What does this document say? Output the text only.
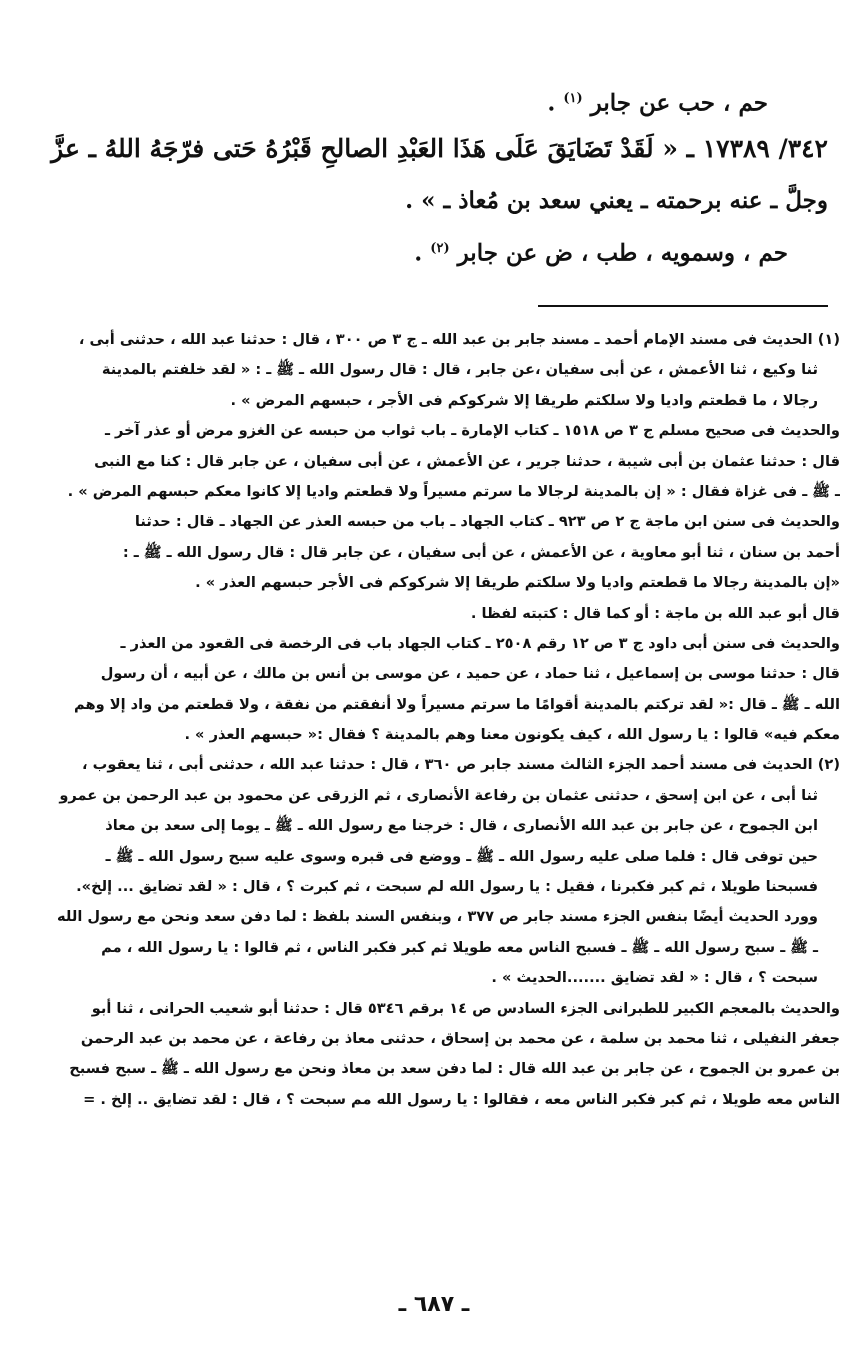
حم ، حب عن جابر $^{(١)}$ .

٣٤٢/ ١٧٣٨٩ ـ « لَقَدْ تَضَايَقَ عَلَى هَذَا العَبْدِ الصالحِ قَبْرُهُ حَتى فرّجَهُ اللهُ ـ عزَّ

وجلَّ ـ عنه برحمته ـ يعني سعد بن مُعاذ ـ » .

حم ، وسمويه ، طب ، ض عن جابر $^{(٢)}$ .

(١) الحديث فى مسند الإمام أحمد ـ مسند جابر بن عبد الله ـ ج ٣ ص ٣٠٠ ، قال : حدثنا عبد الله ، حدثنى أبى ،

ثنا وكيع ، ثنا الأعمش ، عن أبى سفيان ،عن جابر ، قال : قال رسول الله ـ ﷺ ـ : « لقد خلفتم بالمدينة

رجالا ، ما قطعتم واديا ولا سلكتم طريقا إلا شركوكم فى الأجر ، حبسهم المرض » .

والحديث فى صحيح مسلم ج ٣ ص ١٥١٨ ـ كتاب الإمارة ـ باب ثواب من حبسه عن الغزو مرض أو عذر آخر ـ

قال : حدثنا عثمان بن أبى شيبة ، حدثنا جرير ، عن الأعمش ، عن أبى سفيان ، عن جابر قال : كنا مع النبى

ـ ﷺ ـ فى غزاة فقال : « إن بالمدينة لرجالا ما سرتم مسيراً ولا قطعتم واديا إلا كانوا معكم حبسهم المرض » .

والحديث فى سنن ابن ماجة ج ٢ ص ٩٢٣ ـ كتاب الجهاد ـ باب من حبسه العذر عن الجهاد ـ قال : حدثنا

أحمد بن سنان ، ثنا أبو معاوية ، عن الأعمش ، عن أبى سفيان ، عن جابر قال : قال رسول الله ـ ﷺ ـ :

«إن بالمدينة رجالا ما قطعتم واديا ولا سلكتم طريقا إلا شركوكم فى الأجر حبسهم العذر » .

قال أبو عبد الله بن ماجة : أو كما قال : كتبته لفظا .

والحديث فى سنن أبى داود ج ٣ ص ١٢ رقم ٢٥٠٨ ـ كتاب الجهاد باب فى الرخصة فى القعود من العذر ـ

قال : حدثنا موسى بن إسماعيل ، ثنا حماد ، عن حميد ، عن موسى بن أنس بن مالك ، عن أبيه ، أن رسول

الله ـ ﷺ ـ قال :« لقد تركتم بالمدينة أقوامًا ما سرتم مسيراً ولا أنفقتم من نفقة ، ولا قطعتم من واد إلا وهم

معكم فيه» قالوا : يا رسول الله ، كيف يكونون معنا وهم بالمدينة ؟ فقال :« حبسهم العذر » .

(٢) الحديث فى مسند أحمد الجزء الثالث مسند جابر ص ٣٦٠ ، قال : حدثنا عبد الله ، حدثنى أبى ، ثنا يعقوب ،

ثنا أبى ، عن ابن إسحق ، حدثنى عثمان بن رفاعة الأنصارى ، ثم الزرقى عن محمود بن عبد الرحمن بن عمرو

ابن الجموح ، عن جابر بن عبد الله الأنصارى ، قال : خرجنا مع رسول الله ـ ﷺ ـ يوما إلى سعد بن معاذ

حين توفى قال : فلما صلى عليه رسول الله ـ ﷺ ـ ووضع فى قبره وسوى عليه سبح رسول الله ـ ﷺ ـ

فسبحنا طويلا ، ثم كبر فكبرنا ، فقيل : يا رسول الله لم سبحت ، ثم كبرت ؟ ، قال : « لقد تضايق ... إلخ».

وورد الحديث أيضًا بنفس الجزء مسند جابر ص ٣٧٧ ، وبنفس السند بلفظ : لما دفن سعد ونحن مع رسول الله

ـ ﷺ ـ سبح رسول الله ـ ﷺ ـ فسبح الناس معه طويلا ثم كبر فكبر الناس ، ثم قالوا : يا رسول الله ، مم

سبحت ؟ ، قال : « لقد تضايق .......الحديث » .

والحديث بالمعجم الكبير للطبرانى الجزء السادس ص ١٤ برقم ٥٣٤٦ قال : حدثنا أبو شعيب الحرانى ، ثنا أبو

جعفر النفيلى ، ثنا محمد بن سلمة ، عن محمد بن إسحاق ، حدثنى معاذ بن رفاعة ، عن محمد بن عبد الرحمن

بن عمرو بن الجموح ، عن جابر بن عبد الله قال : لما دفن سعد بن معاذ ونحن مع رسول الله ـ ﷺ ـ سبح فسبح

الناس معه طويلا ، ثم كبر فكبر الناس معه ، فقالوا : يا رسول الله مم سبحت ؟ ، قال : لقد تضايق .. إلخ . =

ـ ٦٨٧ ـ
